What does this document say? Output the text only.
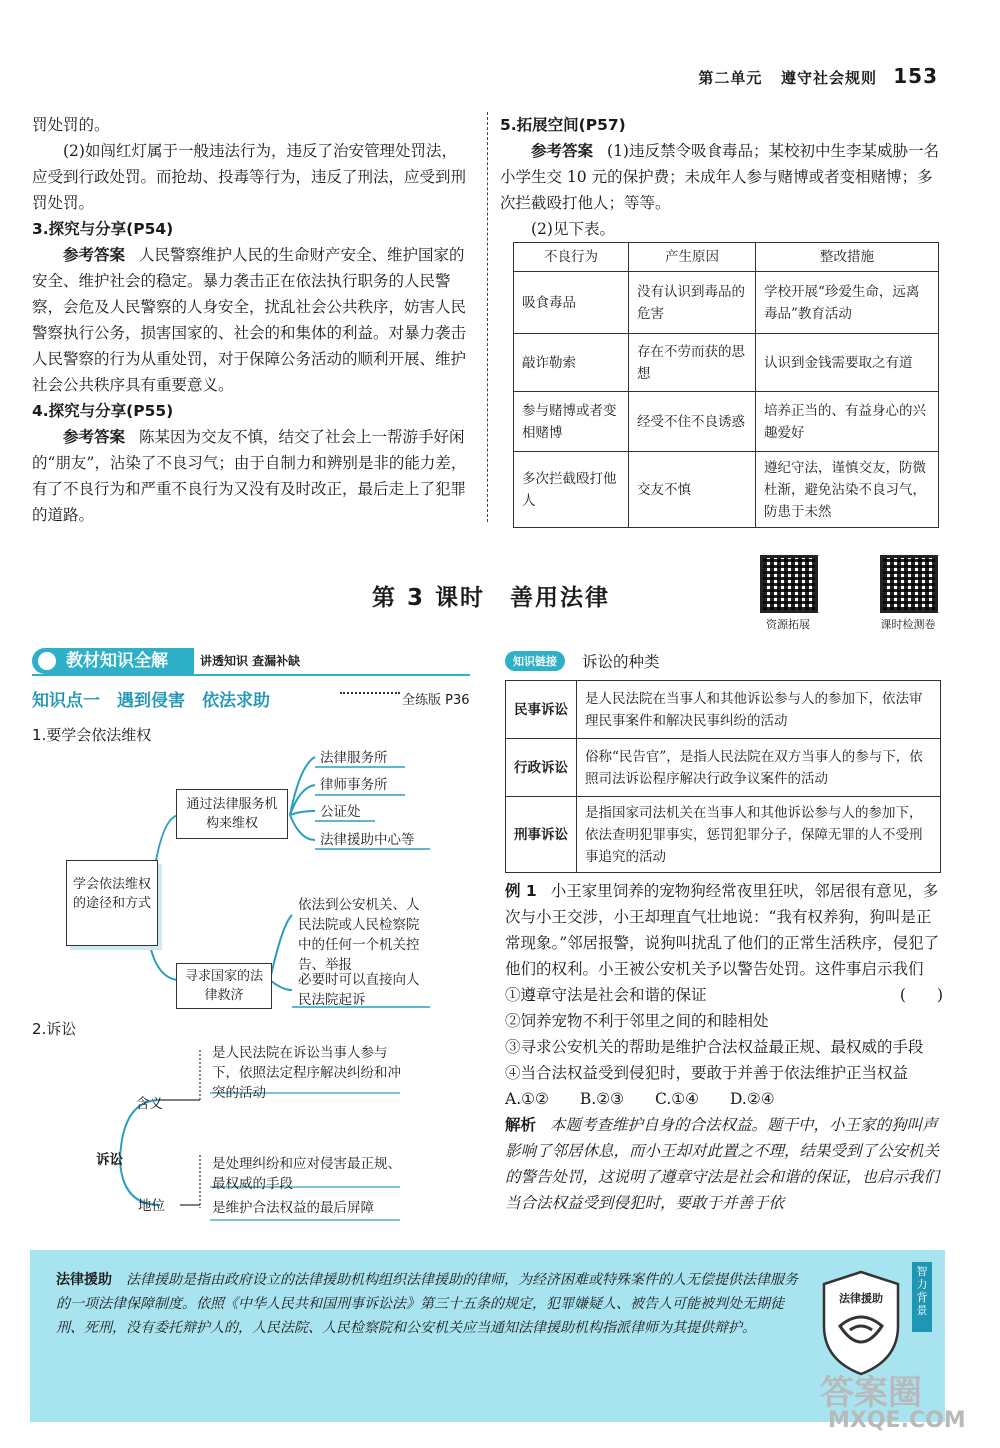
第二单元 遵守社会规则 153

罚处罚的。

(2)如闯红灯属于一般违法行为，违反了治安管理处罚法，应受到行政处罚。而抢劫、投毒等行为，违反了刑法，应受到刑罚处罚。

3.探究与分享(P54)

参考答案 人民警察维护人民的生命财产安全、维护国家的安全、维护社会的稳定。暴力袭击正在依法执行职务的人民警察，会危及人民警察的人身安全，扰乱社会公共秩序，妨害人民警察执行公务，损害国家的、社会的和集体的利益。对暴力袭击人民警察的行为从重处罚，对于保障公务活动的顺利开展、维护社会公共秩序具有重要意义。

4.探究与分享(P55)

参考答案 陈某因为交友不慎，结交了社会上一帮游手好闲的“朋友”，沾染了不良习气；由于自制力和辨别是非的能力差，有了不良行为和严重不良行为又没有及时改正，最后走上了犯罪的道路。

5.拓展空间(P57)

参考答案 (1)违反禁令吸食毒品；某校初中生李某威胁一名小学生交 10 元的保护费；未成年人参与赌博或者变相赌博；多次拦截殴打他人；等等。

(2)见下表。

不良行为	产生原因	整改措施
吸食毒品	没有认识到毒品的危害	学校开展“珍爱生命，远离毒品”教育活动
敲诈勒索	存在不劳而获的思想	认识到金钱需要取之有道
参与赌博或者变相赌博	经受不住不良诱惑	培养正当的、有益身心的兴趣爱好
多次拦截殴打他人	交友不慎	遵纪守法，谨慎交友，防微杜渐，避免沾染不良习气，防患于未然
第 3 课时　善用法律
资源拓展	课时检测卷
教材知识全解	讲透知识 查漏补缺
知识点一　遇到侵害　依法求助	全练版 P36
1.要学会依法维权
学会依法维权的途径和方式
通过法律服务机构来维权
寻求国家的法律救济
法律服务所
律师事务所
公证处
法律援助中心等
依法到公安机关、人民法院或人民检察院中的任何一个机关控告、举报
必要时可以直接向人民法院起诉
2.诉讼
诉讼
含义
是人民法院在诉讼当事人参与下，依照法定程序解决纠纷和冲突的活动
地位
是处理纠纷和应对侵害最正规、最权威的手段
是维护合法权益的最后屏障
知识链接	诉讼的种类
民事诉讼	是人民法院在当事人和其他诉讼参与人的参加下，依法审理民事案件和解决民事纠纷的活动
行政诉讼	俗称“民告官”，是指人民法院在双方当事人的参与下，依照司法诉讼程序解决行政争议案件的活动
刑事诉讼	是指国家司法机关在当事人和其他诉讼参与人的参加下，依法查明犯罪事实，惩罚犯罪分子，保障无罪的人不受刑事追究的活动

例 1 小王家里饲养的宠物狗经常夜里狂吠，邻居很有意见，多次与小王交涉，小王却理直气壮地说：“我有权养狗，狗叫是正常现象。”邻居报警，说狗叫扰乱了他们的正常生活秩序，侵犯了他们的权利。小王被公安机关予以警告处罚。这件事启示我们
(　　)

①遵章守法是社会和谐的保证

②饲养宠物不利于邻里之间的和睦相处

③寻求公安机关的帮助是维护合法权益最正规、最权威的手段

④当合法权益受到侵犯时，要敢于并善于依法维护正当权益

A.①②　　B.②③　　C.①④　　D.②④

解析 本题考查维护自身的合法权益。题干中，小王家的狗叫声影响了邻居休息，而小王却对此置之不理，结果受到了公安机关的警告处罚，这说明了遵章守法是社会和谐的保证，也启示我们当合法权益受到侵犯时，要敢于并善于依

法律援助 法律援助是指由政府设立的法律援助机构组织法律援助的律师，为经济困难或特殊案件的人无偿提供法律服务的一项法律保障制度。依照《中华人民共和国刑事诉讼法》第三十五条的规定，犯罪嫌疑人、被告人可能被判处无期徒刑、死刑，没有委托辩护人的，人民法院、人民检察院和公安机关应当通知法律援助机构指派律师为其提供辩护。
法律援助
智力背景
答案圈
MXQE.COM
